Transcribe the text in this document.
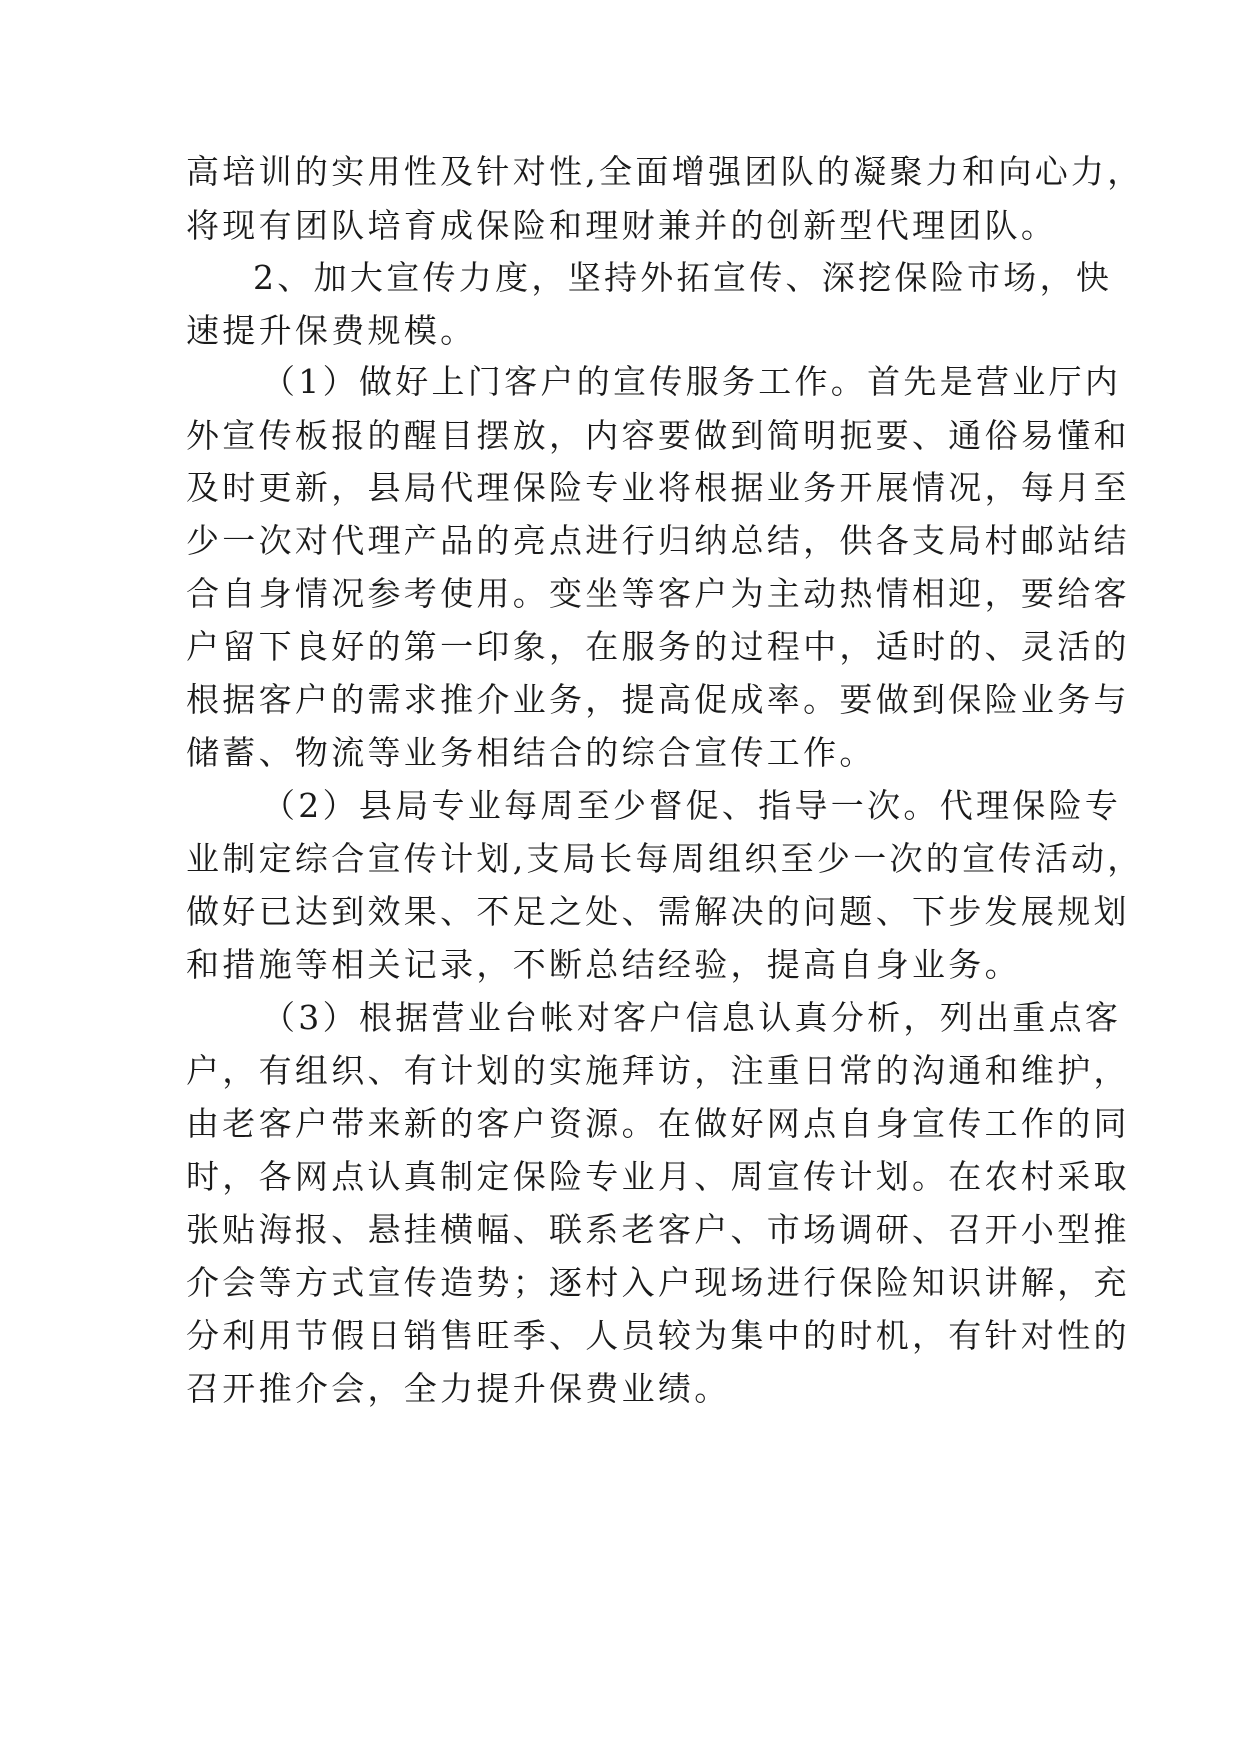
高培训的实用性及针对性,全面增强团队的凝聚力和向心力，
将现有团队培育成保险和理财兼并的创新型代理团队。
2、加大宣传力度，坚持外拓宣传、深挖保险市场，快
速提升保费规模。
（1）做好上门客户的宣传服务工作。首先是营业厅内
外宣传板报的醒目摆放，内容要做到简明扼要、通俗易懂和
及时更新，县局代理保险专业将根据业务开展情况，每月至
少一次对代理产品的亮点进行归纳总结，供各支局村邮站结
合自身情况参考使用。变坐等客户为主动热情相迎，要给客
户留下良好的第一印象，在服务的过程中，适时的、灵活的
根据客户的需求推介业务，提高促成率。要做到保险业务与
储蓄、物流等业务相结合的综合宣传工作。
（2）县局专业每周至少督促、指导一次。代理保险专
业制定综合宣传计划,支局长每周组织至少一次的宣传活动，
做好已达到效果、不足之处、需解决的问题、下步发展规划
和措施等相关记录，不断总结经验，提高自身业务。
（3）根据营业台帐对客户信息认真分析，列出重点客
户，有组织、有计划的实施拜访，注重日常的沟通和维护，
由老客户带来新的客户资源。在做好网点自身宣传工作的同
时，各网点认真制定保险专业月、周宣传计划。在农村采取
张贴海报、悬挂横幅、联系老客户、市场调研、召开小型推
介会等方式宣传造势；逐村入户现场进行保险知识讲解，充
分利用节假日销售旺季、人员较为集中的时机，有针对性的
召开推介会，全力提升保费业绩。
